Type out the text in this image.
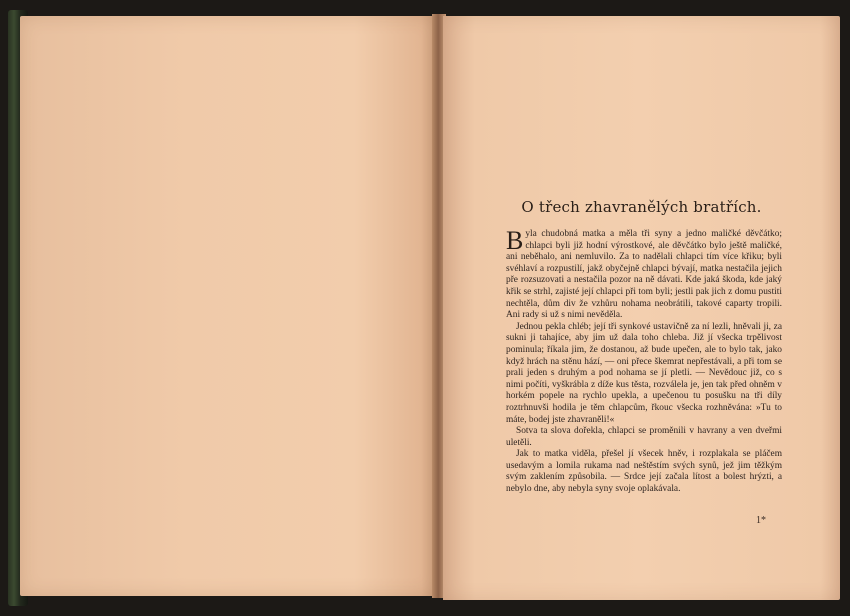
O třech zhavranělých bratřích.

Byla chudobná matka a měla tři syny a jedno maličké děvčátko; chlapci byli již hodní výrostkové, ale děvčátko bylo ještě maličké, ani neběhalo, ani nemluvilo. Za to nadělali chlapci tím více křiku; byli svéhlaví a rozpustilí, jakž obyčejně chlapci bývají, matka nestačila jejich pře rozsuzovati a nestačila pozor na ně dávati. Kde jaká škoda, kde jaký křik se strhl, zajisté její chlapci při tom byli; jestli pak jich z domu pustiti nechtěla, dům div že vzhůru nohama neobrátili, takové caparty tropili. Ani rady si už s nimi nevěděla.

Jednou pekla chléb; její tři synkové ustavičně za ní lezli, hněvali ji, za sukni ji tahajíce, aby jim už dala toho chleba. Již jí všecka trpělivost pominula; říkala jim, že dostanou, až bude upečen, ale to bylo tak, jako když hrách na stěnu hází, — oni přece škemrat nepřestávali, a při tom se prali jeden s druhým a pod nohama se jí pletli. — Nevědouc již, co s nimi počíti, vyškrábla z díže kus těsta, rozválela je, jen tak před ohněm v horkém popele na rychlo upekla, a upečenou tu posušku na tři díly roztrhnuvši hodila je těm chlapcům, řkouc všecka rozhněvána: »Tu to máte, bodej jste zhavraněli!«

Sotva ta slova dořekla, chlapci se proměnili v havrany a ven dveřmi uletěli.

Jak to matka viděla, přešel jí všecek hněv, i rozplakala se pláčem usedavým a lomila rukama nad neštěstím svých synů, jež jim těžkým svým zaklením způsobila. — Srdce její začala lítost a bolest hrýzti, a nebylo dne, aby nebyla syny svoje oplakávala.

1*
